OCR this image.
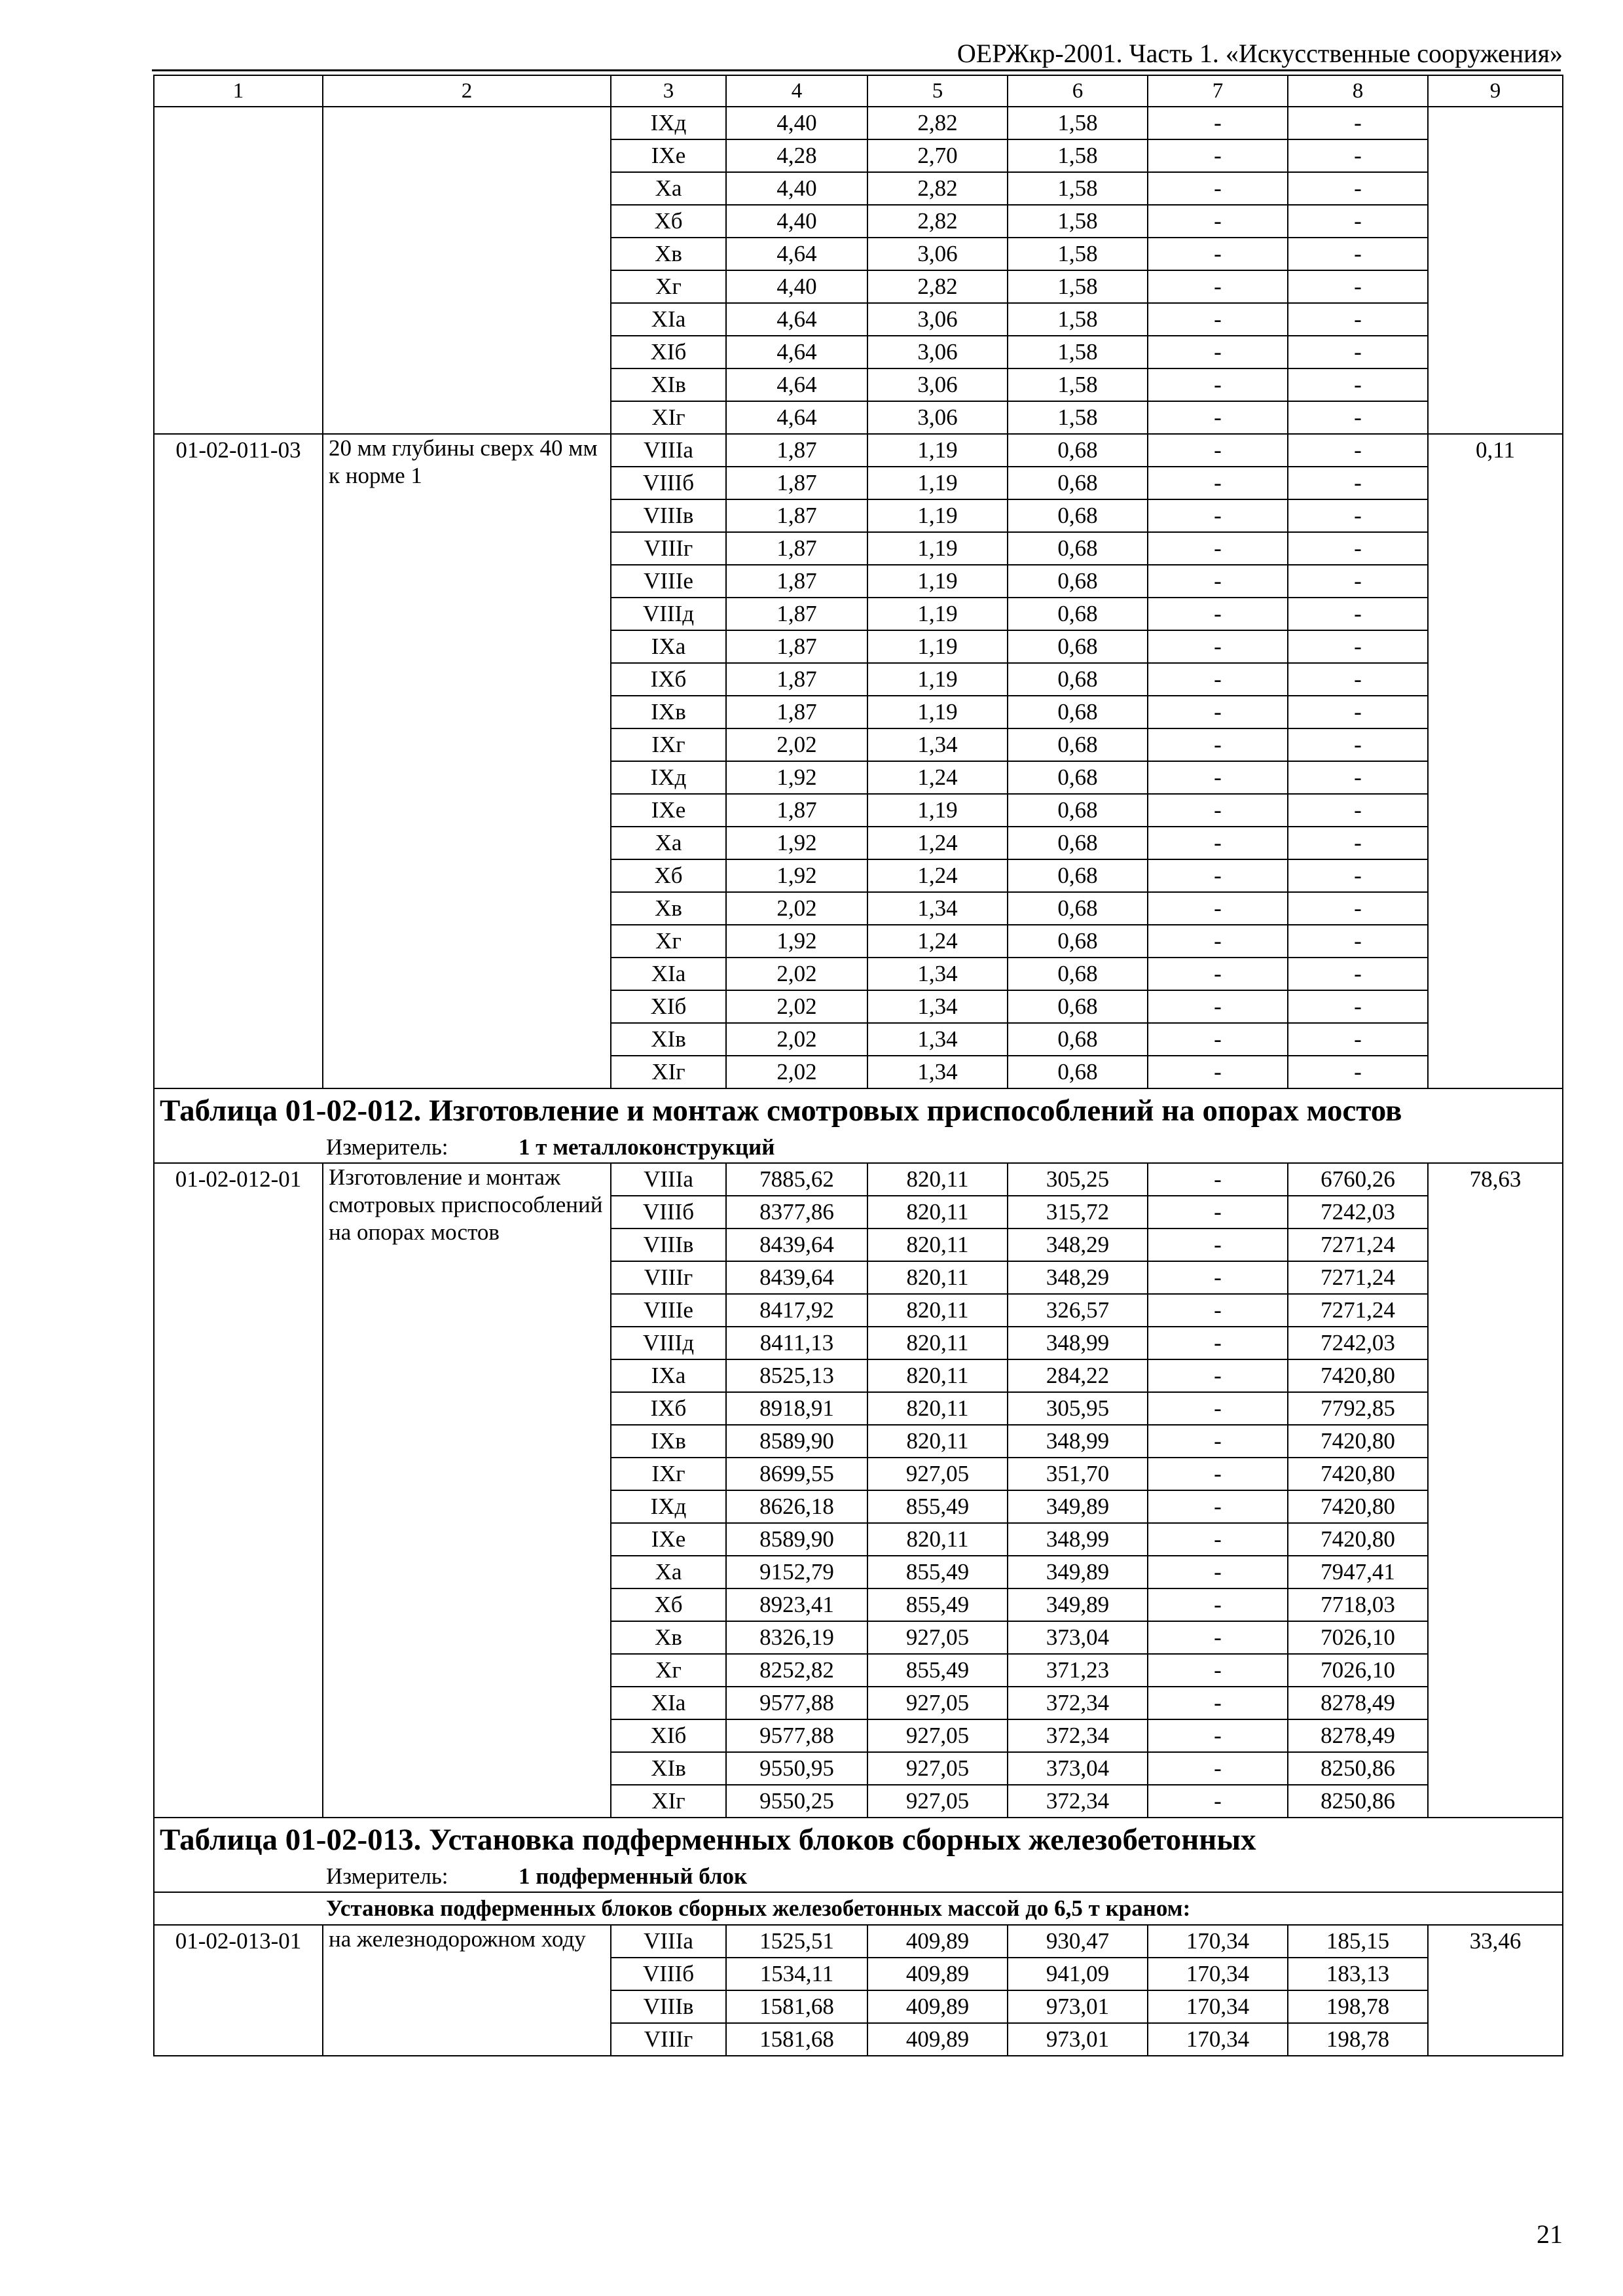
ОЕРЖкр-2001. Часть 1. «Искусственные сооружения»
1	2	3	4	5	6	7	8	9
		IXд	4,40	2,82	1,58	-	-	
		IXе	4,28	2,70	1,58	-	-	
		Xа	4,40	2,82	1,58	-	-	
		Xб	4,40	2,82	1,58	-	-	
		Xв	4,64	3,06	1,58	-	-	
		Xг	4,40	2,82	1,58	-	-	
		XIа	4,64	3,06	1,58	-	-	
		XIб	4,64	3,06	1,58	-	-	
		XIв	4,64	3,06	1,58	-	-	
		XIг	4,64	3,06	1,58	-	-	
01-02-011-03	20 мм глубины сверх 40 мм к норме 1	VIIIа	1,87	1,19	0,68	-	-	0,11
		VIIIб	1,87	1,19	0,68	-	-	
		VIIIв	1,87	1,19	0,68	-	-	
		VIIIг	1,87	1,19	0,68	-	-	
		VIIIе	1,87	1,19	0,68	-	-	
		VIIIд	1,87	1,19	0,68	-	-	
		IXа	1,87	1,19	0,68	-	-	
		IXб	1,87	1,19	0,68	-	-	
		IXв	1,87	1,19	0,68	-	-	
		IXг	2,02	1,34	0,68	-	-	
		IXд	1,92	1,24	0,68	-	-	
		IXе	1,87	1,19	0,68	-	-	
		Xа	1,92	1,24	0,68	-	-	
		Xб	1,92	1,24	0,68	-	-	
		Xв	2,02	1,34	0,68	-	-	
		Xг	1,92	1,24	0,68	-	-	
		XIа	2,02	1,34	0,68	-	-	
		XIб	2,02	1,34	0,68	-	-	
		XIв	2,02	1,34	0,68	-	-	
		XIг	2,02	1,34	0,68	-	-	
Таблица 01-02-012. Изготовление и монтаж смотровых приспособлений на опорах мостов								
Измеритель: 1 т металлоконструкций								
01-02-012-01	Изготовление и монтаж смотровых приспособлений на опорах мостов	VIIIа	7885,62	820,11	305,25	-	6760,26	78,63
		VIIIб	8377,86	820,11	315,72	-	7242,03	
		VIIIв	8439,64	820,11	348,29	-	7271,24	
		VIIIг	8439,64	820,11	348,29	-	7271,24	
		VIIIе	8417,92	820,11	326,57	-	7271,24	
		VIIIд	8411,13	820,11	348,99	-	7242,03	
		IXа	8525,13	820,11	284,22	-	7420,80	
		IXб	8918,91	820,11	305,95	-	7792,85	
		IXв	8589,90	820,11	348,99	-	7420,80	
		IXг	8699,55	927,05	351,70	-	7420,80	
		IXд	8626,18	855,49	349,89	-	7420,80	
		IXе	8589,90	820,11	348,99	-	7420,80	
		Xа	9152,79	855,49	349,89	-	7947,41	
		Xб	8923,41	855,49	349,89	-	7718,03	
		Xв	8326,19	927,05	373,04	-	7026,10	
		Xг	8252,82	855,49	371,23	-	7026,10	
		XIа	9577,88	927,05	372,34	-	8278,49	
		XIб	9577,88	927,05	372,34	-	8278,49	
		XIв	9550,95	927,05	373,04	-	8250,86	
		XIг	9550,25	927,05	372,34	-	8250,86	
Таблица 01-02-013. Установка подферменных блоков сборных железобетонных								
Измеритель: 1 подферменный блок								
Установка подферменных блоков сборных железобетонных массой до 6,5 т краном:								
01-02-013-01	на железнодорожном ходу	VIIIа	1525,51	409,89	930,47	170,34	185,15	33,46
		VIIIб	1534,11	409,89	941,09	170,34	183,13	
		VIIIв	1581,68	409,89	973,01	170,34	198,78	
		VIIIг	1581,68	409,89	973,01	170,34	198,78	
21
